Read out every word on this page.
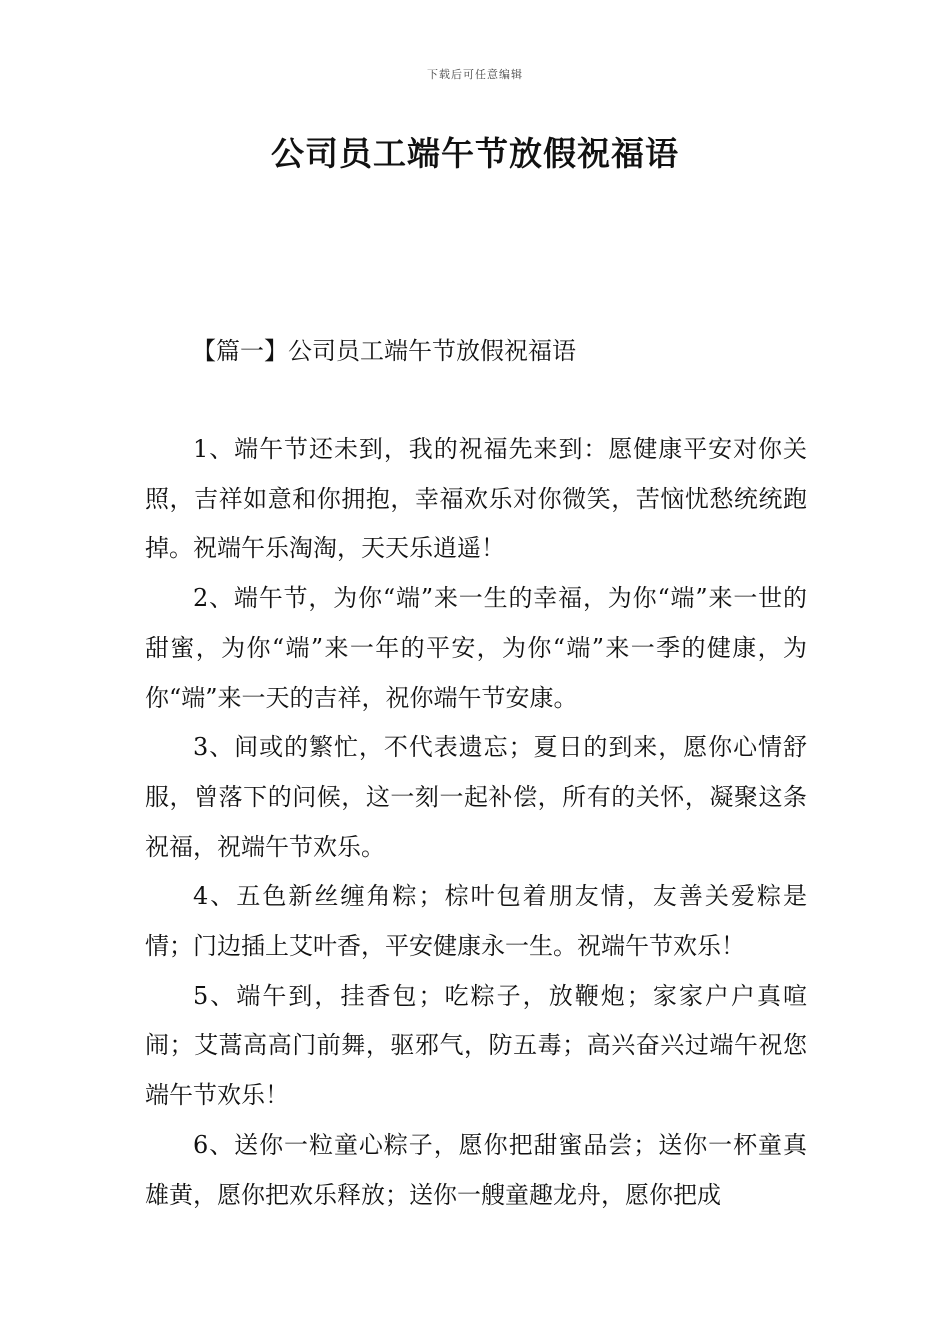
下载后可任意编辑
公司员工端午节放假祝福语
【篇一】公司员工端午节放假祝福语

1、端午节还未到，我的祝福先来到：愿健康平安对你关照，吉祥如意和你拥抱，幸福欢乐对你微笑，苦恼忧愁统统跑掉。祝端午乐淘淘，天天乐逍遥！

2、端午节，为你“端”来一生的幸福，为你“端”来一世的甜蜜，为你“端”来一年的平安，为你“端”来一季的健康，为你“端”来一天的吉祥，祝你端午节安康。

3、间或的繁忙，不代表遗忘；夏日的到来，愿你心情舒服，曾落下的问候，这一刻一起补偿，所有的关怀，凝聚这条祝福，祝端午节欢乐。

4、五色新丝缠角粽；棕叶包着朋友情，友善关爱粽是情；门边插上艾叶香，平安健康永一生。祝端午节欢乐！

5、端午到，挂香包；吃粽子，放鞭炮；家家户户真喧闹；艾蒿高高门前舞，驱邪气，防五毒；高兴奋兴过端午祝您端午节欢乐！

6、送你一粒童心粽子，愿你把甜蜜品尝；送你一杯童真雄黄，愿你把欢乐释放；送你一艘童趣龙舟，愿你把成
